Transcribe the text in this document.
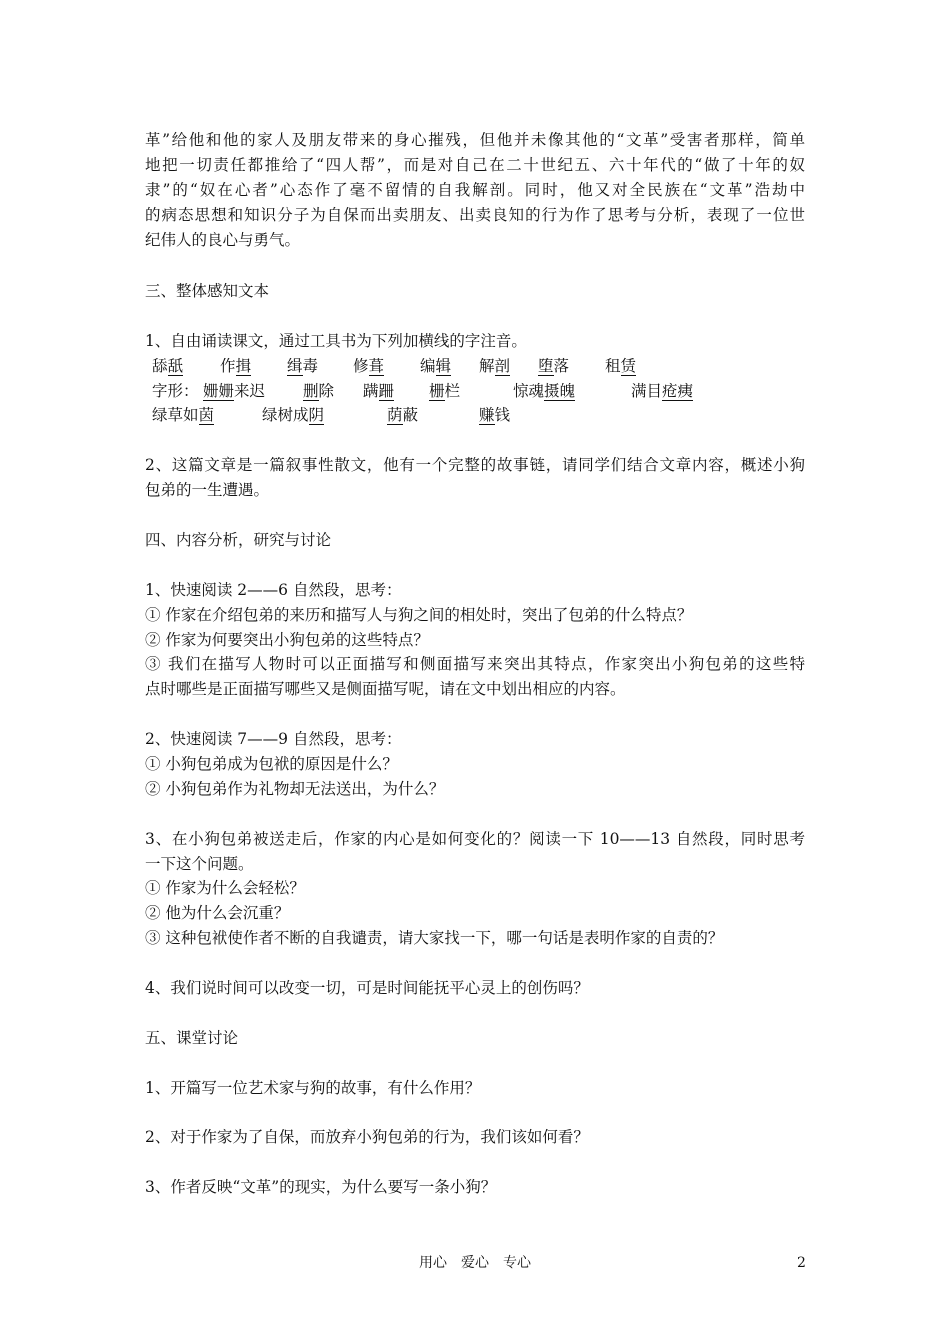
革”给他和他的家人及朋友带来的身心摧残，但他并未像其他的“文革”受害者那样，简单
地把一切责任都推给了“四人帮”，而是对自己在二十世纪五、六十年代的“做了十年的奴
隶”的“奴在心者”心态作了毫不留情的自我解剖。同时，他又对全民族在“文革”浩劫中
的病态思想和知识分子为自保而出卖朋友、出卖良知的行为作了思考与分析，表现了一位世
纪伟人的良心与勇气。
三、整体感知文本
1、自由诵读课文，通过工具书为下列加横线的字注音。
舔舐	作揖	缉毒 修葺 编辑	解剖 堕落 租赁
字形： 姗姗来迟 删除 蹒跚 栅栏	惊魂摄魄	满目疮痍
绿草如茵	绿树成阴	荫蔽	赚钱
2、这篇文章是一篇叙事性散文，他有一个完整的故事链，请同学们结合文章内容，概述小狗
包弟的一生遭遇。
四、内容分析，研究与讨论
1、快速阅读 2——6 自然段，思考：
① 作家在介绍包弟的来历和描写人与狗之间的相处时，突出了包弟的什么特点？
② 作家为何要突出小狗包弟的这些特点？
③ 我们在描写人物时可以正面描写和侧面描写来突出其特点，作家突出小狗包弟的这些特
点时哪些是正面描写哪些又是侧面描写呢，请在文中划出相应的内容。
2、快速阅读 7——9 自然段，思考：
① 小狗包弟成为包袱的原因是什么？
② 小狗包弟作为礼物却无法送出，为什么？
3、在小狗包弟被送走后，作家的内心是如何变化的？阅读一下 10——13 自然段，同时思考
一下这个问题。
① 作家为什么会轻松？
② 他为什么会沉重？
③ 这种包袱使作者不断的自我谴责，请大家找一下，哪一句话是表明作家的自责的？
4、我们说时间可以改变一切，可是时间能抚平心灵上的创伤吗？
五、课堂讨论
1、开篇写一位艺术家与狗的故事，有什么作用？
2、对于作家为了自保，而放弃小狗包弟的行为，我们该如何看？
3、作者反映“文革”的现实，为什么要写一条小狗？
用心　爱心　专心	2
